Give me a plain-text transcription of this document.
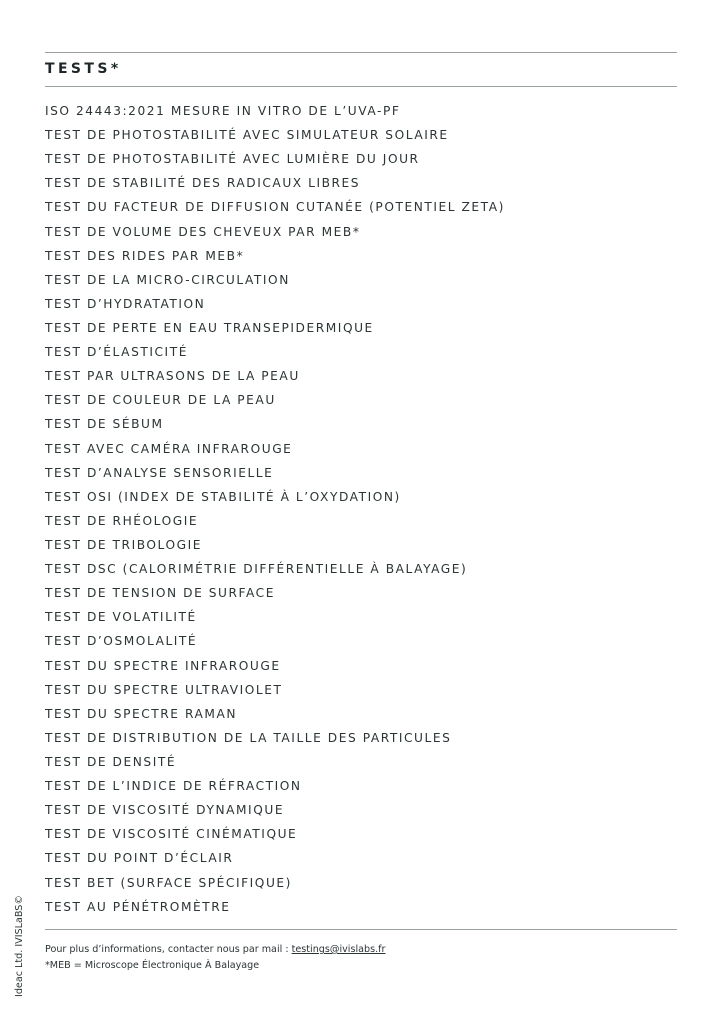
TESTS*
ISO 24443:2021 MESURE IN VITRO DE L’UVA-PF
TEST DE PHOTOSTABILITÉ AVEC SIMULATEUR SOLAIRE
TEST DE PHOTOSTABILITÉ AVEC LUMIÈRE DU JOUR
TEST DE STABILITÉ DES RADICAUX LIBRES
TEST DU FACTEUR DE DIFFUSION CUTANÉE (POTENTIEL ZETA)
TEST DE VOLUME DES CHEVEUX PAR MEB*
TEST DES RIDES PAR MEB*
TEST DE LA MICRO-CIRCULATION
TEST D’HYDRATATION
TEST DE PERTE EN EAU TRANSEPIDERMIQUE
TEST D’ÉLASTICITÉ
TEST PAR ULTRASONS DE LA PEAU
TEST DE COULEUR DE LA PEAU
TEST DE SÉBUM
TEST AVEC CAMÉRA INFRAROUGE
TEST D’ANALYSE SENSORIELLE
TEST OSI (INDEX DE STABILITÉ À L’OXYDATION)
TEST DE RHÉOLOGIE
TEST DE TRIBOLOGIE
TEST DSC (CALORIMÉTRIE DIFFÉRENTIELLE À BALAYAGE)
TEST DE TENSION DE SURFACE
TEST DE VOLATILITÉ
TEST D’OSMOLALITÉ
TEST DU SPECTRE INFRAROUGE
TEST DU SPECTRE ULTRAVIOLET
TEST DU SPECTRE RAMAN
TEST DE DISTRIBUTION DE LA TAILLE DES PARTICULES
TEST DE DENSITÉ
TEST DE L’INDICE DE RÉFRACTION
TEST DE VISCOSITÉ DYNAMIQUE
TEST DE VISCOSITÉ CINÉMATIQUE
TEST DU POINT D’ÉCLAIR
TEST BET (SURFACE SPÉCIFIQUE)
TEST AU PÉNÉTROMÈTRE
Pour plus d’informations, contacter nous par mail : testings@ivislabs.fr
*MEB = Microscope Électronique À Balayage
Ideac Ltd. IVISLaBS©
